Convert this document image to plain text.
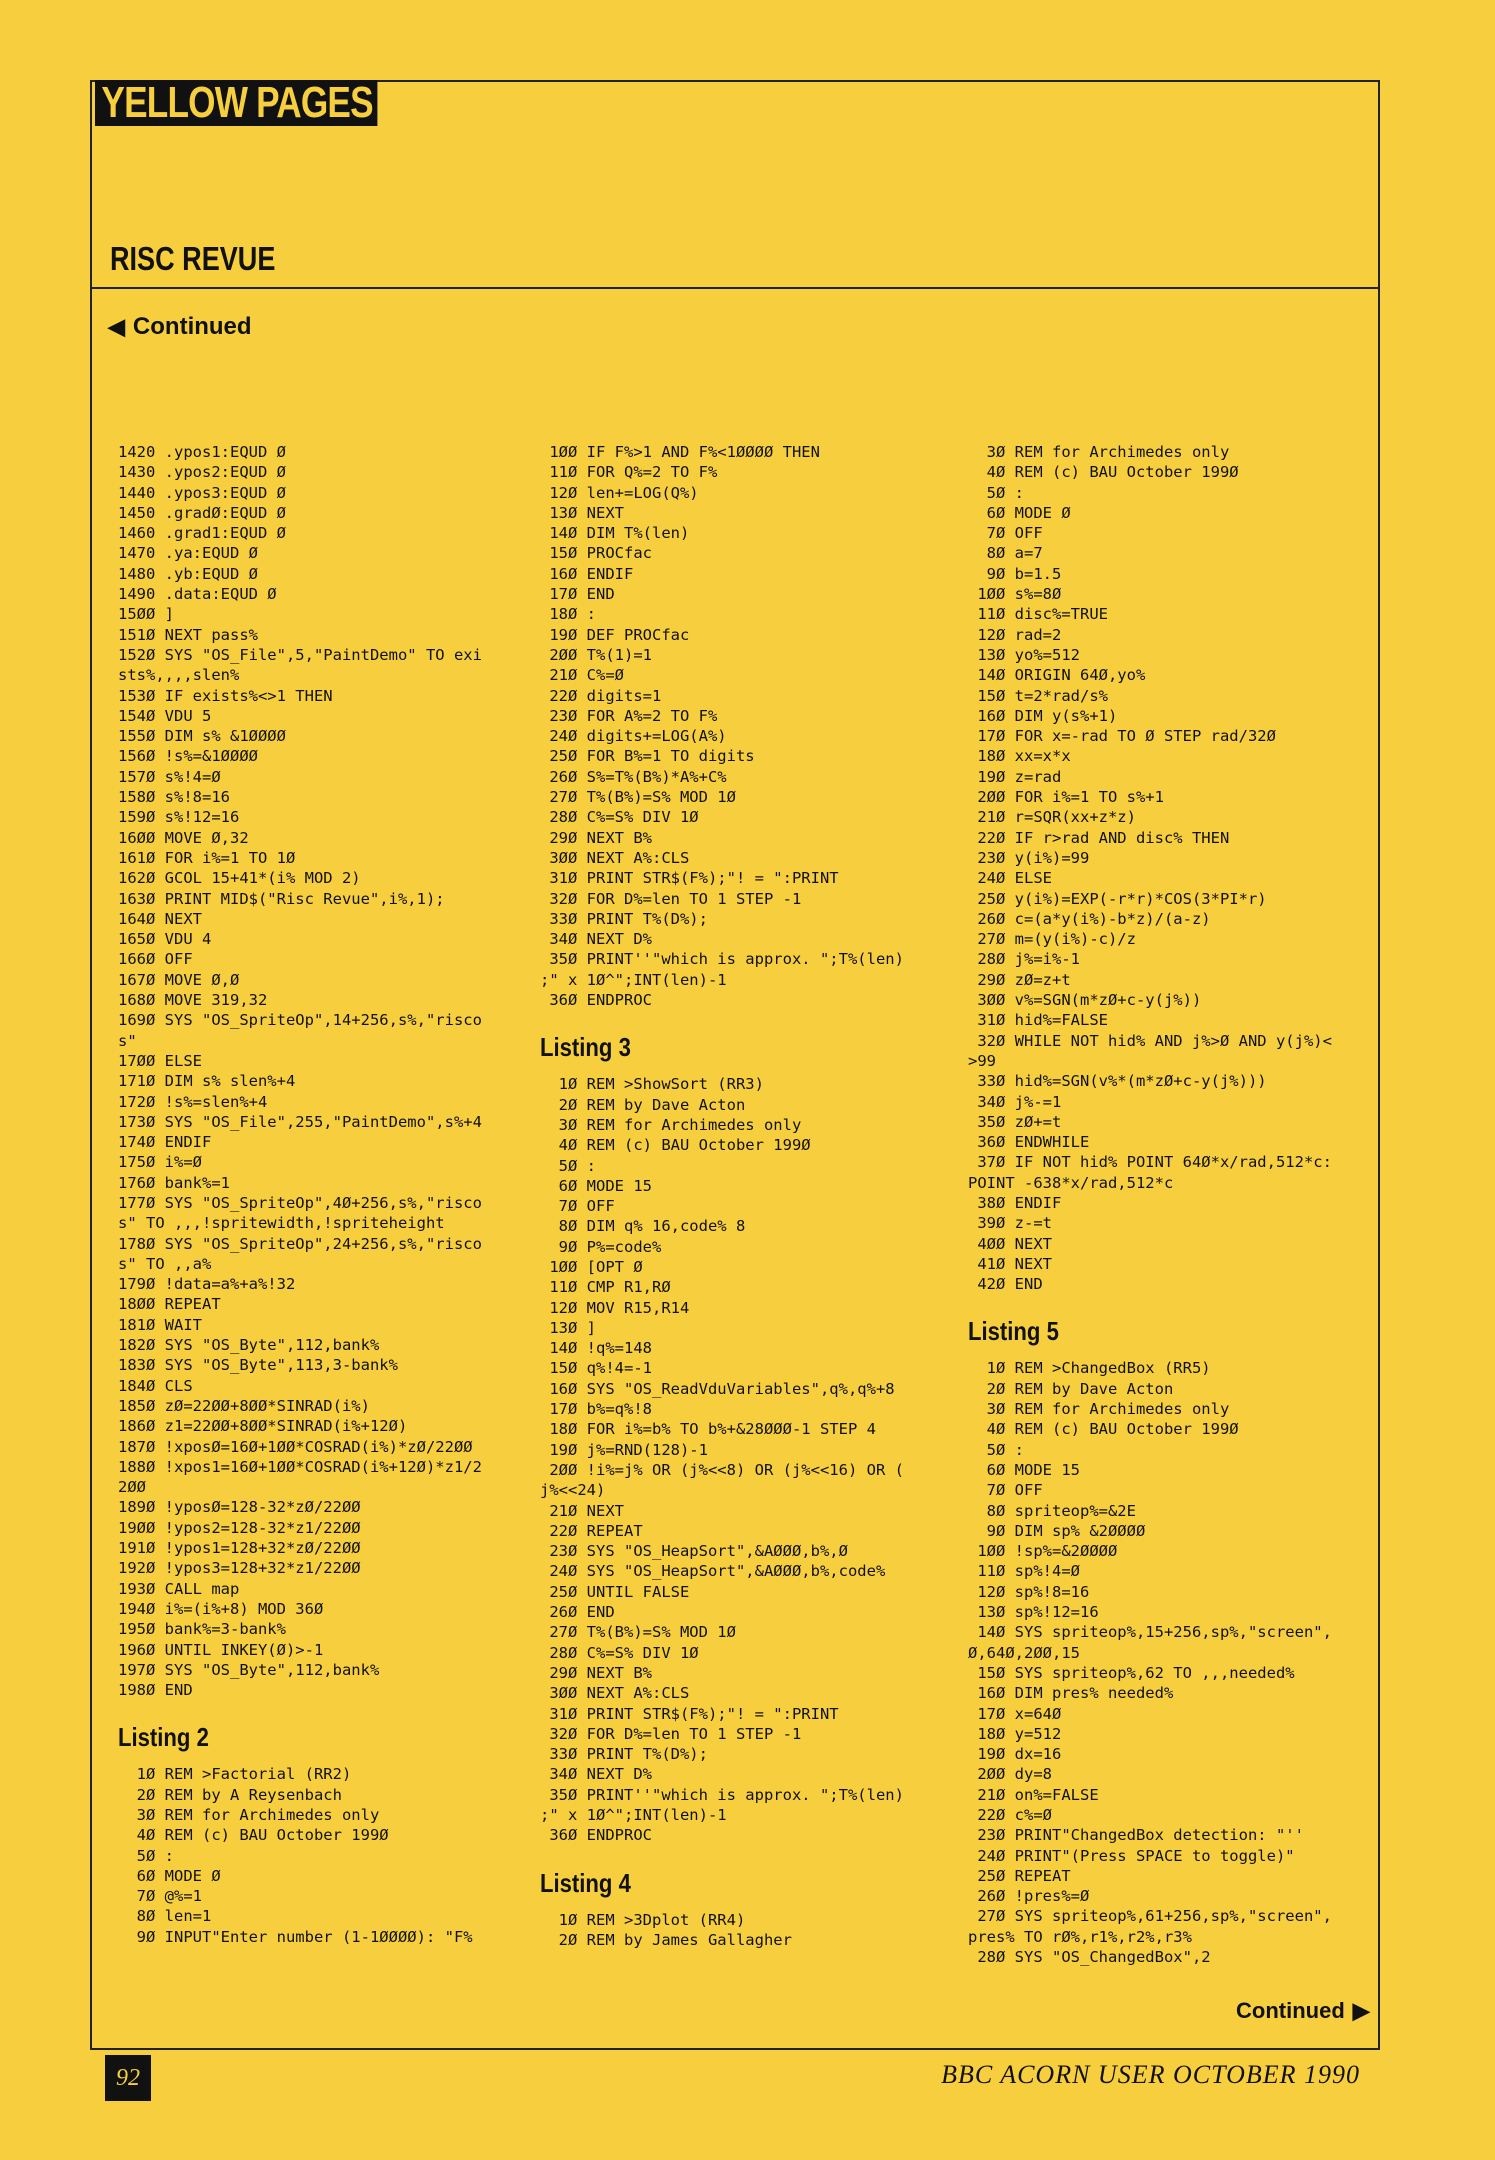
YELLOW PAGES
RISC REVUE
◀ Continued
1420 .ypos1:EQUD Ø
1430 .ypos2:EQUD Ø
1440 .ypos3:EQUD Ø
1450 .gradØ:EQUD Ø
1460 .grad1:EQUD Ø
1470 .ya:EQUD Ø
1480 .yb:EQUD Ø
1490 .data:EQUD Ø
15ØØ ]
151Ø NEXT pass%
152Ø SYS "OS_File",5,"PaintDemo" TO exi
sts%,,,,slen%
153Ø IF exists%<>1 THEN
154Ø VDU 5
155Ø DIM s% &1ØØØØ
156Ø !s%=&1ØØØØ
157Ø s%!4=Ø
158Ø s%!8=16
159Ø s%!12=16
16ØØ MOVE Ø,32
161Ø FOR i%=1 TO 1Ø
162Ø GCOL 15+41*(i% MOD 2)
163Ø PRINT MID$("Risc Revue",i%,1);
164Ø NEXT
165Ø VDU 4
166Ø OFF
167Ø MOVE Ø,Ø
168Ø MOVE 319,32
169Ø SYS "OS_SpriteOp",14+256,s%,"risco
s"
17ØØ ELSE
171Ø DIM s% slen%+4
172Ø !s%=slen%+4
173Ø SYS "OS_File",255,"PaintDemo",s%+4
174Ø ENDIF
175Ø i%=Ø
176Ø bank%=1
177Ø SYS "OS_SpriteOp",4Ø+256,s%,"risco
s" TO ,,,!spritewidth,!spriteheight
178Ø SYS "OS_SpriteOp",24+256,s%,"risco
s" TO ,,a%
179Ø !data=a%+a%!32
18ØØ REPEAT
181Ø WAIT
182Ø SYS "OS_Byte",112,bank%
183Ø SYS "OS_Byte",113,3-bank%
184Ø CLS
185Ø zØ=22ØØ+8ØØ*SINRAD(i%)
186Ø z1=22ØØ+8ØØ*SINRAD(i%+12Ø)
187Ø !xposØ=16Ø+1ØØ*COSRAD(i%)*zØ/22ØØ
188Ø !xpos1=16Ø+1ØØ*COSRAD(i%+12Ø)*z1/2
2ØØ
189Ø !yposØ=128-32*zØ/22ØØ
19ØØ !ypos2=128-32*z1/22ØØ
191Ø !ypos1=128+32*zØ/22ØØ
192Ø !ypos3=128+32*z1/22ØØ
193Ø CALL map
194Ø i%=(i%+8) MOD 36Ø
195Ø bank%=3-bank%
196Ø UNTIL INKEY(Ø)>-1
197Ø SYS "OS_Byte",112,bank%
198Ø END
Listing 2
1Ø REM >Factorial (RR2)
2Ø REM by A Reysenbach
3Ø REM for Archimedes only
4Ø REM (c) BAU October 199Ø
5Ø :
6Ø MODE Ø
7Ø @%=1
8Ø len=1
9Ø INPUT"Enter number (1-1ØØØØ): "F%
1ØØ IF F%>1 AND F%<1ØØØØ THEN
11Ø FOR Q%=2 TO F%
12Ø len+=LOG(Q%)
13Ø NEXT
14Ø DIM T%(len)
15Ø PROCfac
16Ø ENDIF
17Ø END
18Ø :
19Ø DEF PROCfac
2ØØ T%(1)=1
21Ø C%=Ø
22Ø digits=1
23Ø FOR A%=2 TO F%
24Ø digits+=LOG(A%)
25Ø FOR B%=1 TO digits
26Ø S%=T%(B%)*A%+C%
27Ø T%(B%)=S% MOD 1Ø
28Ø C%=S% DIV 1Ø
29Ø NEXT B%
3ØØ NEXT A%:CLS
31Ø PRINT STR$(F%);"! = ":PRINT
32Ø FOR D%=len TO 1 STEP -1
33Ø PRINT T%(D%);
34Ø NEXT D%
35Ø PRINT''"which is approx. ";T%(len)
;" x 1Ø^";INT(len)-1
36Ø ENDPROC
Listing 3
1Ø REM >ShowSort (RR3)
2Ø REM by Dave Acton
3Ø REM for Archimedes only
4Ø REM (c) BAU October 199Ø
5Ø :
6Ø MODE 15
7Ø OFF
8Ø DIM q% 16,code% 8
9Ø P%=code%
1ØØ [OPT Ø
11Ø CMP R1,RØ
12Ø MOV R15,R14
13Ø ]
14Ø !q%=148
15Ø q%!4=-1
16Ø SYS "OS_ReadVduVariables",q%,q%+8
17Ø b%=q%!8
18Ø FOR i%=b% TO b%+&28ØØØ-1 STEP 4
19Ø j%=RND(128)-1
2ØØ !i%=j% OR (j%<<8) OR (j%<<16) OR (
j%<<24)
21Ø NEXT
22Ø REPEAT
23Ø SYS "OS_HeapSort",&AØØØ,b%,Ø
24Ø SYS "OS_HeapSort",&AØØØ,b%,code%
25Ø UNTIL FALSE
26Ø END
27Ø T%(B%)=S% MOD 1Ø
28Ø C%=S% DIV 1Ø
29Ø NEXT B%
3ØØ NEXT A%:CLS
31Ø PRINT STR$(F%);"! = ":PRINT
32Ø FOR D%=len TO 1 STEP -1
33Ø PRINT T%(D%);
34Ø NEXT D%
35Ø PRINT''"which is approx. ";T%(len)
;" x 1Ø^";INT(len)-1
36Ø ENDPROC
Listing 4
1Ø REM >3Dplot (RR4)
2Ø REM by James Gallagher
3Ø REM for Archimedes only
4Ø REM (c) BAU October 199Ø
5Ø :
6Ø MODE Ø
7Ø OFF
8Ø a=7
9Ø b=1.5
1ØØ s%=8Ø
11Ø disc%=TRUE
12Ø rad=2
13Ø yo%=512
14Ø ORIGIN 64Ø,yo%
15Ø t=2*rad/s%
16Ø DIM y(s%+1)
17Ø FOR x=-rad TO Ø STEP rad/32Ø
18Ø xx=x*x
19Ø z=rad
2ØØ FOR i%=1 TO s%+1
21Ø r=SQR(xx+z*z)
22Ø IF r>rad AND disc% THEN
23Ø y(i%)=99
24Ø ELSE
25Ø y(i%)=EXP(-r*r)*COS(3*PI*r)
26Ø c=(a*y(i%)-b*z)/(a-z)
27Ø m=(y(i%)-c)/z
28Ø j%=i%-1
29Ø zØ=z+t
3ØØ v%=SGN(m*zØ+c-y(j%))
31Ø hid%=FALSE
32Ø WHILE NOT hid% AND j%>Ø AND y(j%)<
>99
33Ø hid%=SGN(v%*(m*zØ+c-y(j%)))
34Ø j%-=1
35Ø zØ+=t
36Ø ENDWHILE
37Ø IF NOT hid% POINT 64Ø*x/rad,512*c:
POINT -638*x/rad,512*c
38Ø ENDIF
39Ø z-=t
4ØØ NEXT
41Ø NEXT
42Ø END
Listing 5
1Ø REM >ChangedBox (RR5)
2Ø REM by Dave Acton
3Ø REM for Archimedes only
4Ø REM (c) BAU October 199Ø
5Ø :
6Ø MODE 15
7Ø OFF
8Ø spriteop%=&2E
9Ø DIM sp% &2ØØØØ
1ØØ !sp%=&2ØØØØ
11Ø sp%!4=Ø
12Ø sp%!8=16
13Ø sp%!12=16
14Ø SYS spriteop%,15+256,sp%,"screen",
Ø,64Ø,2ØØ,15
15Ø SYS spriteop%,62 TO ,,,needed%
16Ø DIM pres% needed%
17Ø x=64Ø
18Ø y=512
19Ø dx=16
2ØØ dy=8
21Ø on%=FALSE
22Ø c%=Ø
23Ø PRINT"ChangedBox detection: "''
24Ø PRINT"(Press SPACE to toggle)"
25Ø REPEAT
26Ø !pres%=Ø
27Ø SYS spriteop%,61+256,sp%,"screen",
pres% TO rØ%,r1%,r2%,r3%
28Ø SYS "OS_ChangedBox",2
Continued ▶
92	BBC ACORN USER OCTOBER 1990
